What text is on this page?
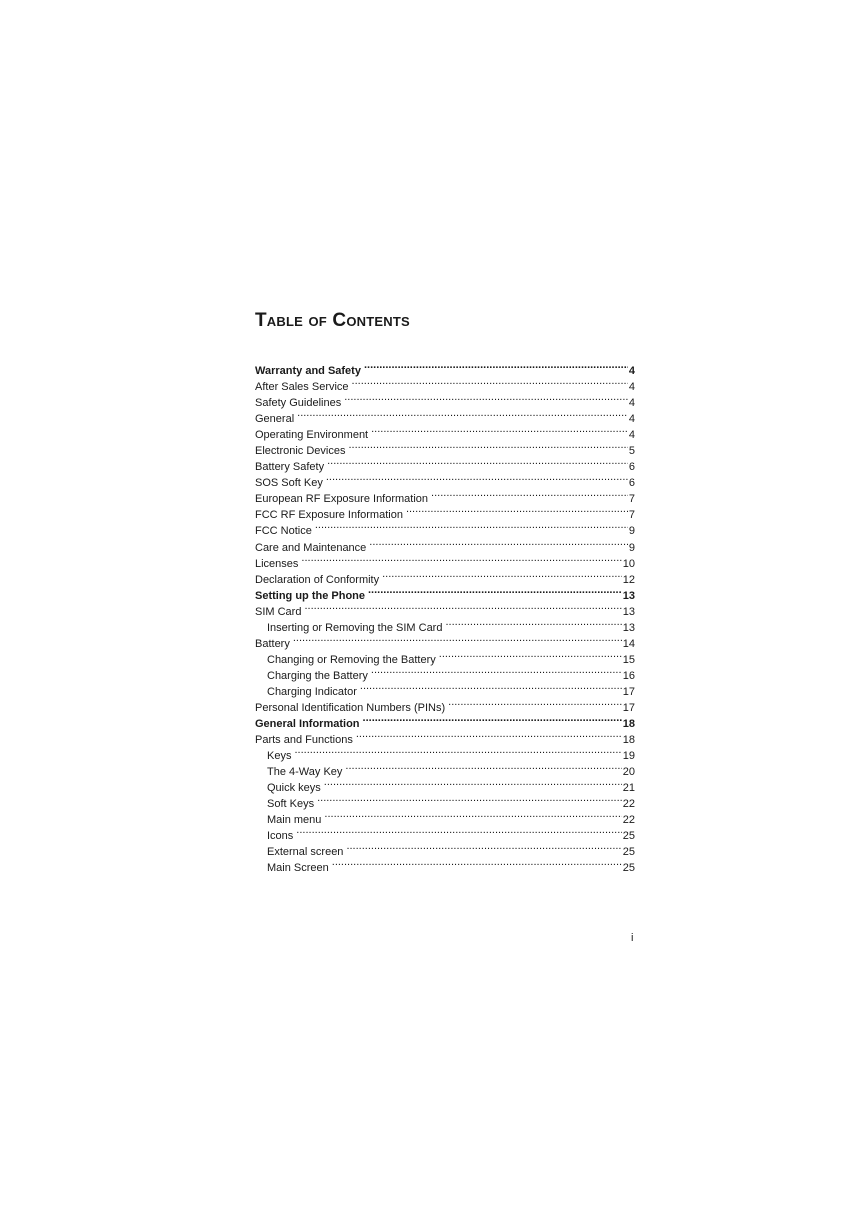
Table of Contents
Warranty and Safety .....	4
After Sales Service .....	4
Safety Guidelines .....	4
General .....	4
Operating Environment .....	4
Electronic Devices .....	5
Battery Safety .....	6
SOS Soft Key .....	6
European RF Exposure Information .....	7
FCC RF Exposure Information .....	7
FCC Notice .....	9
Care and Maintenance .....	9
Licenses .....	10
Declaration of Conformity .....	12
Setting up the Phone .....	13
SIM Card .....	13
Inserting or Removing the SIM Card .....	13
Battery .....	14
Changing or Removing the Battery .....	15
Charging the Battery .....	16
Charging Indicator .....	17
Personal Identification Numbers (PINs) .....	17
General Information .....	18
Parts and Functions .....	18
Keys .....	19
The 4-Way Key .....	20
Quick keys .....	21
Soft Keys .....	22
Main menu .....	22
Icons .....	25
External screen .....	25
Main Screen .....	25
i
